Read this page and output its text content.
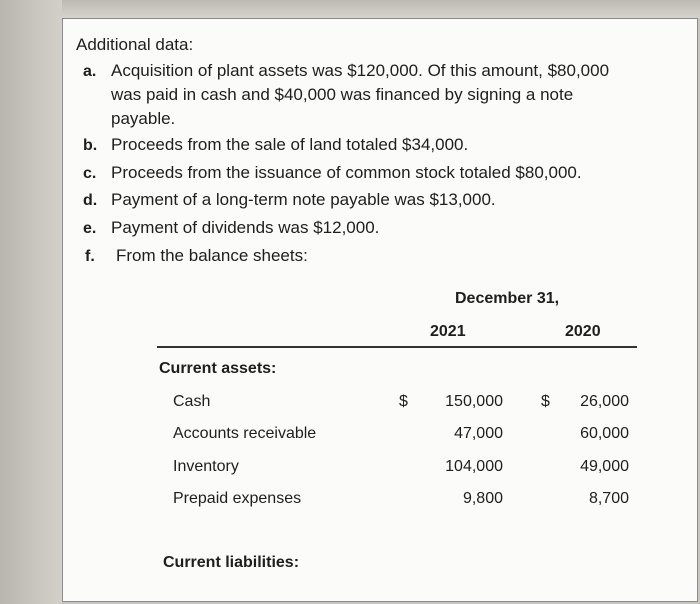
Additional data:
a. Acquisition of plant assets was $120,000. Of this amount, $80,000
was paid in cash and $40,000 was financed by signing a note
payable.
b. Proceeds from the sale of land totaled $34,000.
c. Proceeds from the issuance of common stock totaled $80,000.
d. Payment of a long-term note payable was $13,000.
e. Payment of dividends was $12,000.
f. From the balance sheets:
December 31,
2021	2020
Current assets:
Cash	$	150,000 $	26,000
Accounts receivable	47,000	60,000
Inventory	104,000	49,000
Prepaid expenses	9,800	8,700
Current liabilities:
